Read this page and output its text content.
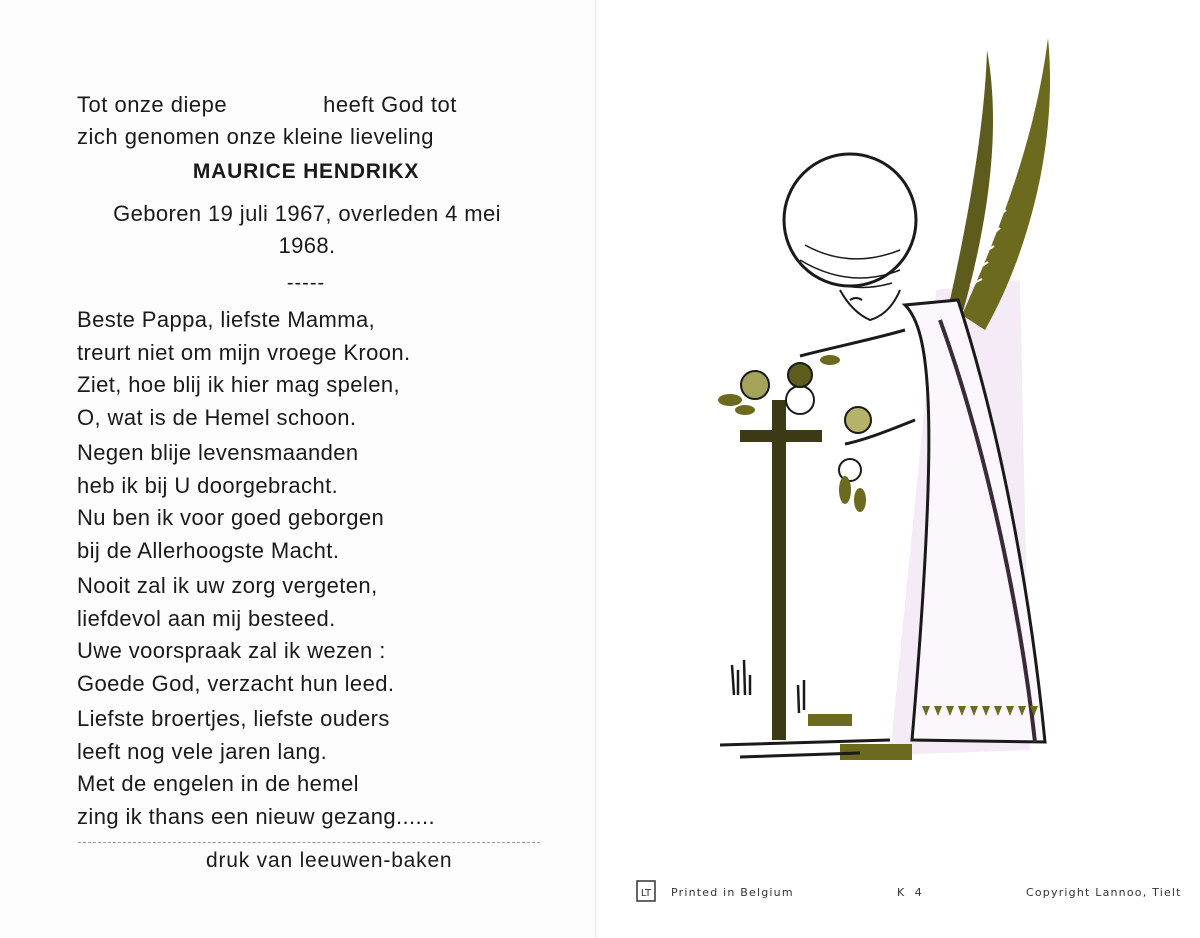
Tot onze diepe	heeft God tot
zich genomen onze kleine lieveling
MAURICE HENDRIKX
Geboren 19 juli 1967, overleden 4 mei
1968.
-----
Beste Pappa, liefste Mamma,
treurt niet om mijn vroege Kroon.
Ziet, hoe blij ik hier mag spelen,
O, wat is de Hemel schoon.
Negen blije levensmaanden
heb ik bij U doorgebracht.
Nu ben ik voor goed geborgen
bij de Allerhoogste Macht.
Nooit zal ik uw zorg vergeten,
liefdevol aan mij besteed.
Uwe voorspraak zal ik wezen :
Goede God, verzacht hun leed.
Liefste broertjes, liefste ouders
leeft nog vele jaren lang.
Met de engelen in de hemel
zing ik thans een nieuw gezang......
druk van leeuwen-baken
LT Printed in Belgium	K  4	Copyright Lannoo, Tielt
